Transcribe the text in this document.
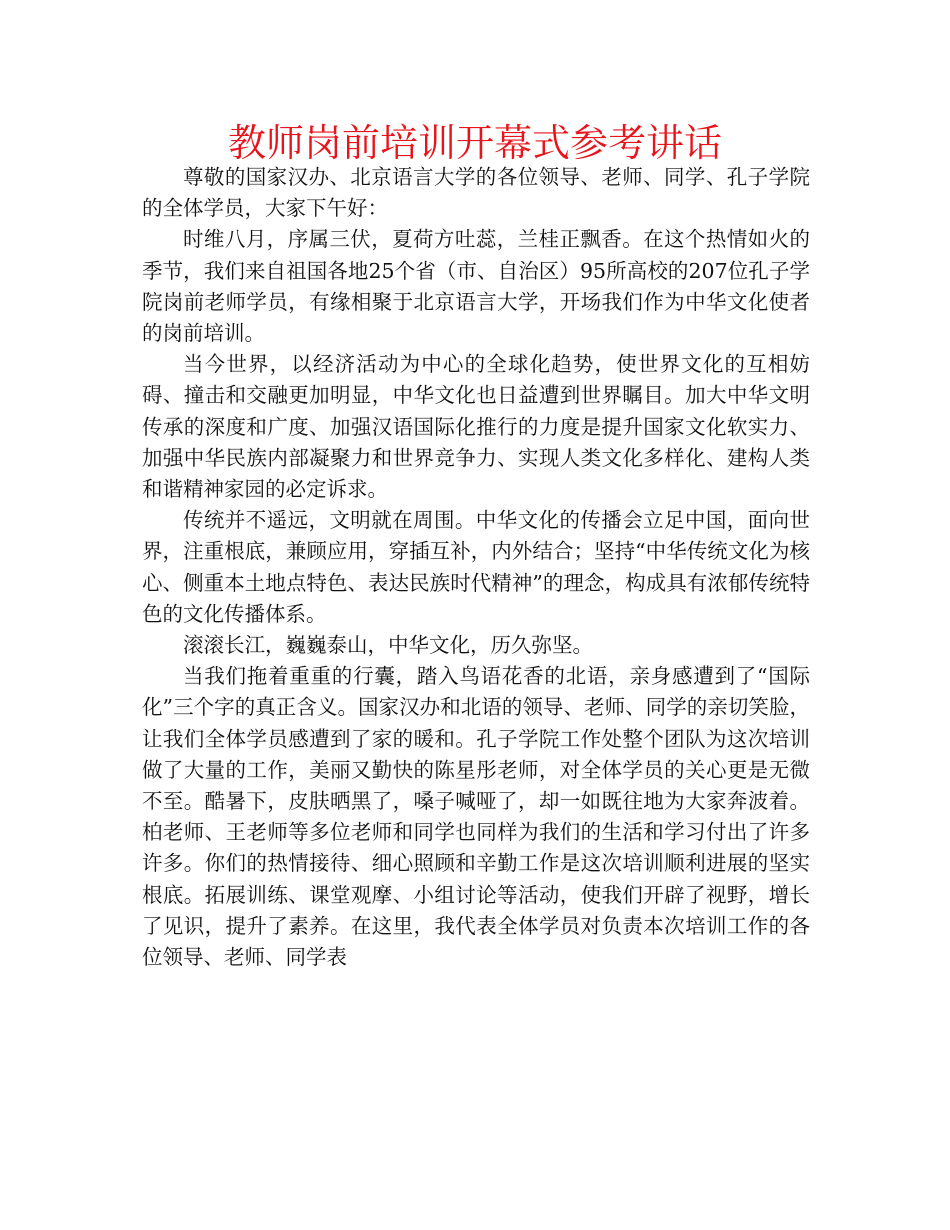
教师岗前培训开幕式参考讲话

尊敬的国家汉办、北京语言大学的各位领导、老师、同学、孔子学院的全体学员，大家下午好：

时维八月，序属三伏，夏荷方吐蕊，兰桂正飘香。在这个热情如火的季节，我们来自祖国各地25个省（市、自治区）95所高校的207位孔子学院岗前老师学员，有缘相聚于北京语言大学，开场我们作为中华文化使者的岗前培训。

当今世界，以经济活动为中心的全球化趋势，使世界文化的互相妨碍、撞击和交融更加明显，中华文化也日益遭到世界瞩目。加大中华文明传承的深度和广度、加强汉语国际化推行的力度是提升国家文化软实力、加强中华民族内部凝聚力和世界竞争力、实现人类文化多样化、建构人类和谐精神家园的必定诉求。

传统并不遥远，文明就在周围。中华文化的传播会立足中国，面向世界，注重根底，兼顾应用，穿插互补，内外结合；坚持“中华传统文化为核心、侧重本土地点特色、表达民族时代精神”的理念，构成具有浓郁传统特色的文化传播体系。

滚滚长江，巍巍泰山，中华文化，历久弥坚。

当我们拖着重重的行囊，踏入鸟语花香的北语，亲身感遭到了“国际化”三个字的真正含义。国家汉办和北语的领导、老师、同学的亲切笑脸，让我们全体学员感遭到了家的暖和。孔子学院工作处整个团队为这次培训做了大量的工作，美丽又勤快的陈星彤老师，对全体学员的关心更是无微不至。酷暑下，皮肤晒黑了，嗓子喊哑了，却一如既往地为大家奔波着。柏老师、王老师等多位老师和同学也同样为我们的生活和学习付出了许多许多。你们的热情接待、细心照顾和辛勤工作是这次培训顺利进展的坚实根底。拓展训练、课堂观摩、小组讨论等活动，使我们开辟了视野，增长了见识，提升了素养。在这里，我代表全体学员对负责本次培训工作的各位领导、老师、同学表
